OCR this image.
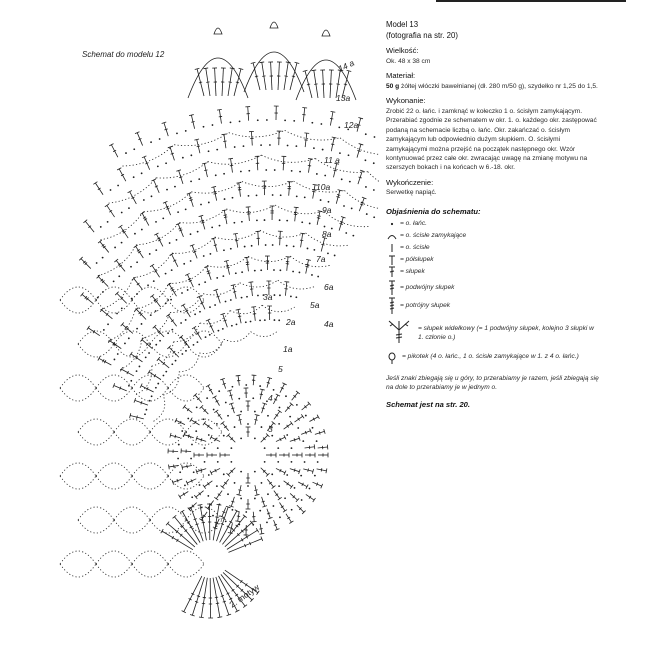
Schemat do modelu 12
14 a
13a
12a
11 a
10a
9a
8a
7a
6a
5a
4a
3a
2a
1a
5
4
3
2. motyw
Model 13
(fotografia na str. 20)
Wielkość:

Ok. 48 x 38 cm

Materiał:

50 g żółtej włóczki bawełnianej (dł. 280 m/50 g), szydełko nr 1,25 do 1,5.

Wykonanie:

Zrobić 22 o. łańc. i zamknąć w kołeczko 1 o. ścisłym zamykającym. Przerabiać zgodnie ze schematem w okr. 1. o. każdego okr. zastępować podaną na schemacie liczbą o. łańc. Okr. zakańczać o. ścisłym zamykającym lub odpowiednio dużym słupkiem. O. ścisłymi zamykającymi można przejść na początek następnego okr. Wzór kontynuować przez całe okr. zwracając uwagę na zmianę motywu na szerszych bokach i na końcach w 6.-18. okr.

Wykończenie:

Serwetkę napiąć.

Objaśnienia do schematu:
= o. łańc.
= o. ścisłe zamykające
= o. ścisłe
= półsłupek
= słupek
= podwójny słupek
= potrójny słupek
= słupek widełkowy (= 1 podwójny słupek, kolejno 3 słupki w 1. członie o.)
= pikotek (4 o. łańc., 1 o. ścisłe zamykające w 1. z 4 o. łańc.)

Jeśli znaki zbiegają się u góry, to przerabiamy je razem, jeśli zbiegają się na dole to przerabiamy je w jednym o.

Schemat jest na str. 20.
